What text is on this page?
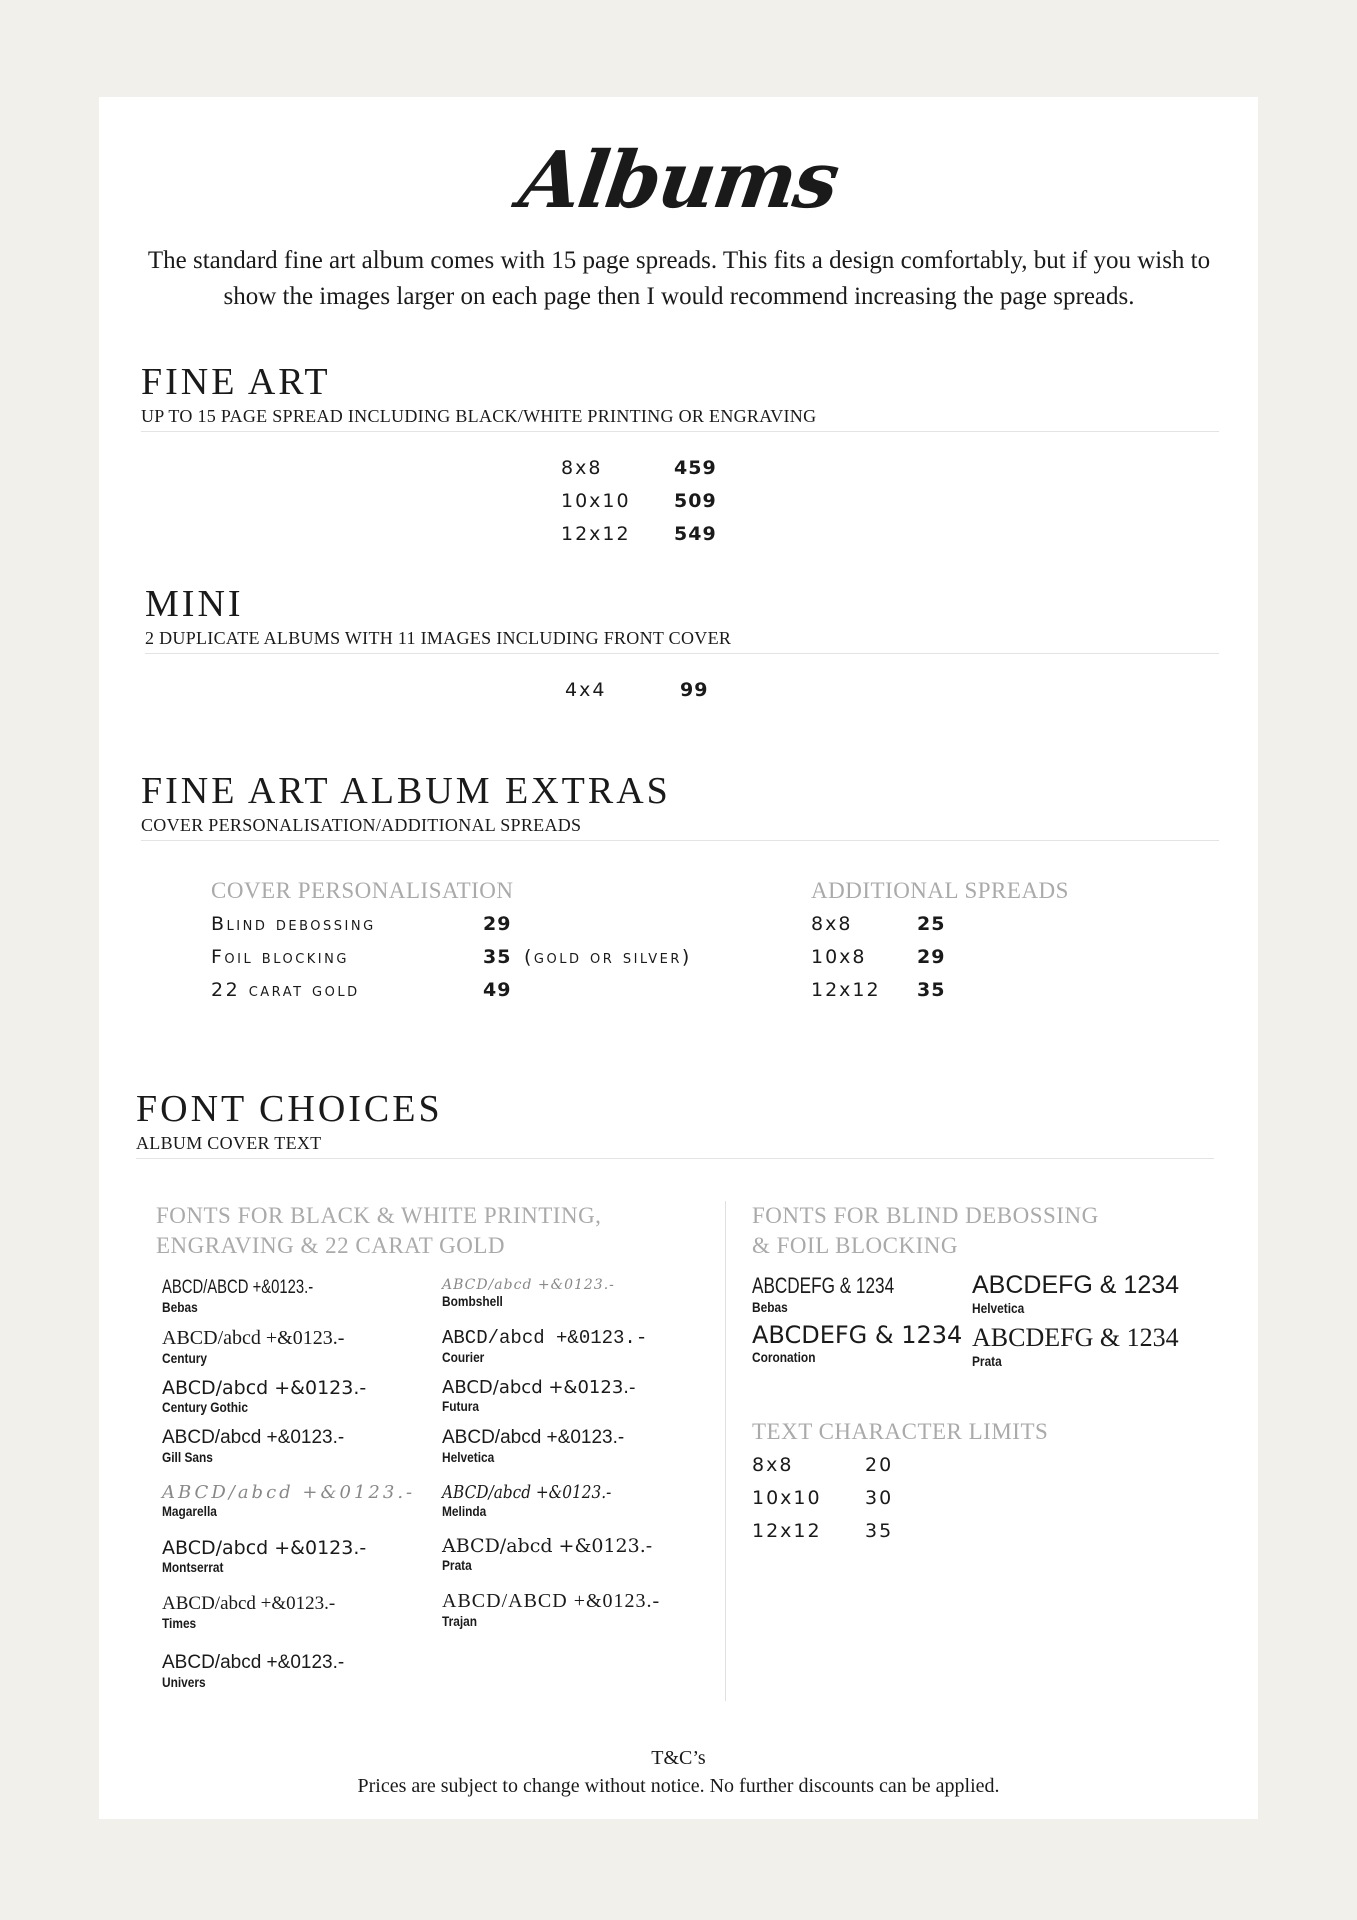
Albums
The standard fine art album comes with 15 page spreads. This fits a design comfortably, but if you wish to show the images larger on each page then I would recommend increasing the page spreads.
FINE ART
UP TO 15 PAGE SPREAD INCLUDING BLACK/WHITE PRINTING OR ENGRAVING
8x8	459
10x10 509
12x12 549
MINI
2 DUPLICATE ALBUMS WITH 11 IMAGES INCLUDING FRONT COVER
4x4	99
FINE ART ALBUM EXTRAS
COVER PERSONALISATION/ADDITIONAL SPREADS
COVER PERSONALISATION
Blind debossing	29
Foil blocking	35 (gold or silver)
22 carat gold	49
ADDITIONAL SPREADS
8x8	25
10x8	29
12x12 35
FONT CHOICES
ALBUM COVER TEXT
FONTS FOR BLACK & WHITE PRINTING,
ENGRAVING & 22 CARAT GOLD
ABCD/ABCD +&0123.-
Bebas
ABCD/abcd +&0123.-
Century
ABCD/abcd +&0123.-
Century Gothic
ABCD/abcd +&0123.-
Gill Sans
ABCD/abcd +&0123.-
Magarella
ABCD/abcd +&0123.-
Montserrat
ABCD/abcd +&0123.-
Times
ABCD/abcd +&0123.-
Univers
ABCD/abcd +&0123.-
Bombshell
ABCD/abcd +&0123.-
Courier
ABCD/abcd +&0123.-
Futura
ABCD/abcd +&0123.-
Helvetica
ABCD/abcd +&0123.-
Melinda
ABCD/abcd +&0123.-
Prata
ABCD/ABCD +&0123.-
Trajan
FONTS FOR BLIND DEBOSSING
& FOIL BLOCKING
ABCDEFG & 1234
Bebas
ABCDEFG & 1234
Helvetica
ABCDEFG & 1234
Coronation
ABCDEFG & 1234
Prata
TEXT CHARACTER LIMITS
8x8	20
10x10 30
12x12 35
T&C’s
Prices are subject to change without notice. No further discounts can be applied.
